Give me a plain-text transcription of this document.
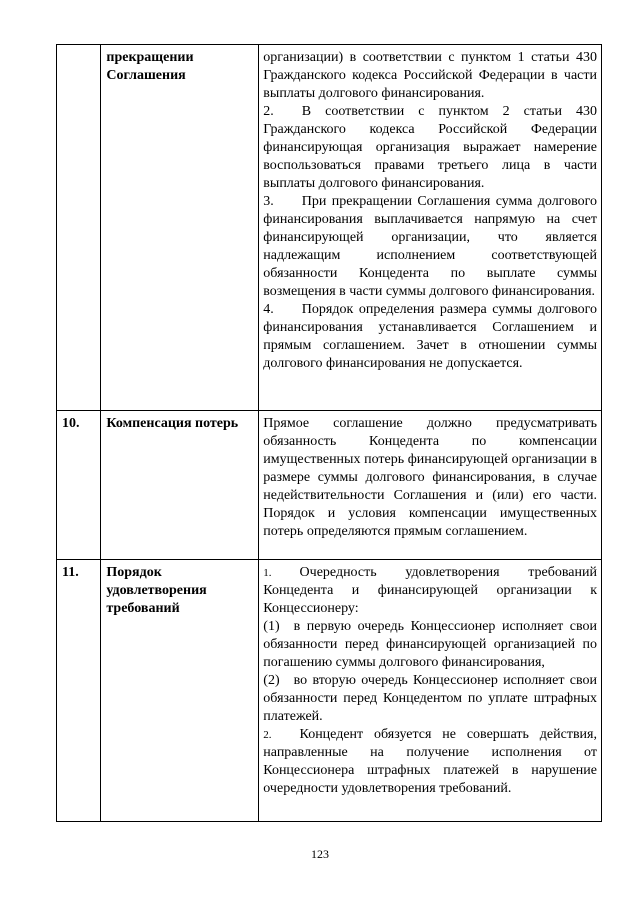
	прекращении Соглашения	организации) в соответствии с пунктом 1 статьи 430 Гражданского кодекса Российской Федерации в части выплаты долгового финансирования.

2. В соответствии с пунктом 2 статьи 430 Гражданского кодекса Российской Федерации финансирующая организация выражает намерение воспользоваться правами третьего лица в части выплаты долгового финансирования.

3. При прекращении Соглашения сумма долгового финансирования выплачивается напрямую на счет финансирующей организации, что является надлежащим исполнением соответствующей обязанности Концедента по выплате суммы возмещения в части суммы долгового финансирования.

4. Порядок определения размера суммы долгового финансирования устанавливается Соглашением и прямым соглашением. Зачет в отношении суммы долгового финансирования не допускается.

10.	Компенсация потерь	Прямое соглашение должно предусматривать обязанность Концедента по компенсации имущественных потерь финансирующей организации в размере суммы долгового финансирования, в случае недействительности Соглашения и (или) его части. Порядок и условия компенсации имущественных потерь определяются прямым соглашением.

11.	Порядок удовлетворения требований	1. Очередность удовлетворения требований Концедента и финансирующей организации к Концессионеру:

(1) в первую очередь Концессионер исполняет свои обязанности перед финансирующей организацией по погашению суммы долгового финансирования,

(2) во вторую очередь Концессионер исполняет свои обязанности перед Концедентом по уплате штрафных платежей.

2. Концедент обязуется не совершать действия, направленные на получение исполнения от Концессионера штрафных платежей в нарушение очередности удовлетворения требований.

123
